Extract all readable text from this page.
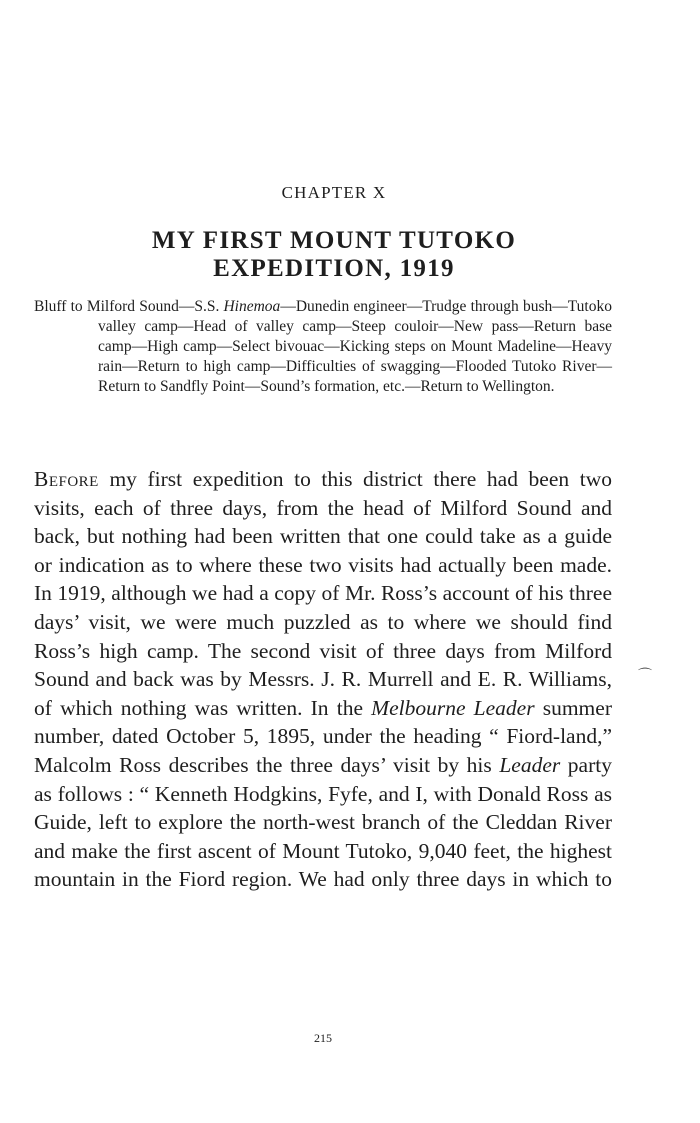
CHAPTER X
MY FIRST MOUNT TUTOKO
EXPEDITION, 1919

Bluff to Milford Sound—S.S. Hinemoa—Dunedin engineer—Trudge through bush—Tutoko valley camp—Head of valley camp—Steep couloir—New pass—Return base camp—High camp—Select bivouac—Kicking steps on Mount Madeline—Heavy rain—Return to high camp—Difficulties of swagging—Flooded Tutoko River—Return to Sandfly Point—Sound’s formation, etc.—Return to Wellington.

Before my first expedition to this district there had been two visits, each of three days, from the head of Milford Sound and back, but nothing had been written that one could take as a guide or indication as to where these two visits had actually been made. In 1919, although we had a copy of Mr. Ross’s account of his three days’ visit, we were much puzzled as to where we should find Ross’s high camp. The second visit of three days from Milford Sound and back was by Messrs. J. R. Murrell and E. R. Williams, of which nothing was written. In the Melbourne Leader summer number, dated October 5, 1895, under the heading “ Fiord-land,” Malcolm Ross describes the three days’ visit by his Leader party as follows : “ Kenneth Hodgkins, Fyfe, and I, with Donald Ross as Guide, left to explore the north-west branch of the Cleddan River and make the first ascent of Mount Tutoko, 9,040 feet, the highest mountain in the Fiord region. We had only three days in which to

215
⌒
